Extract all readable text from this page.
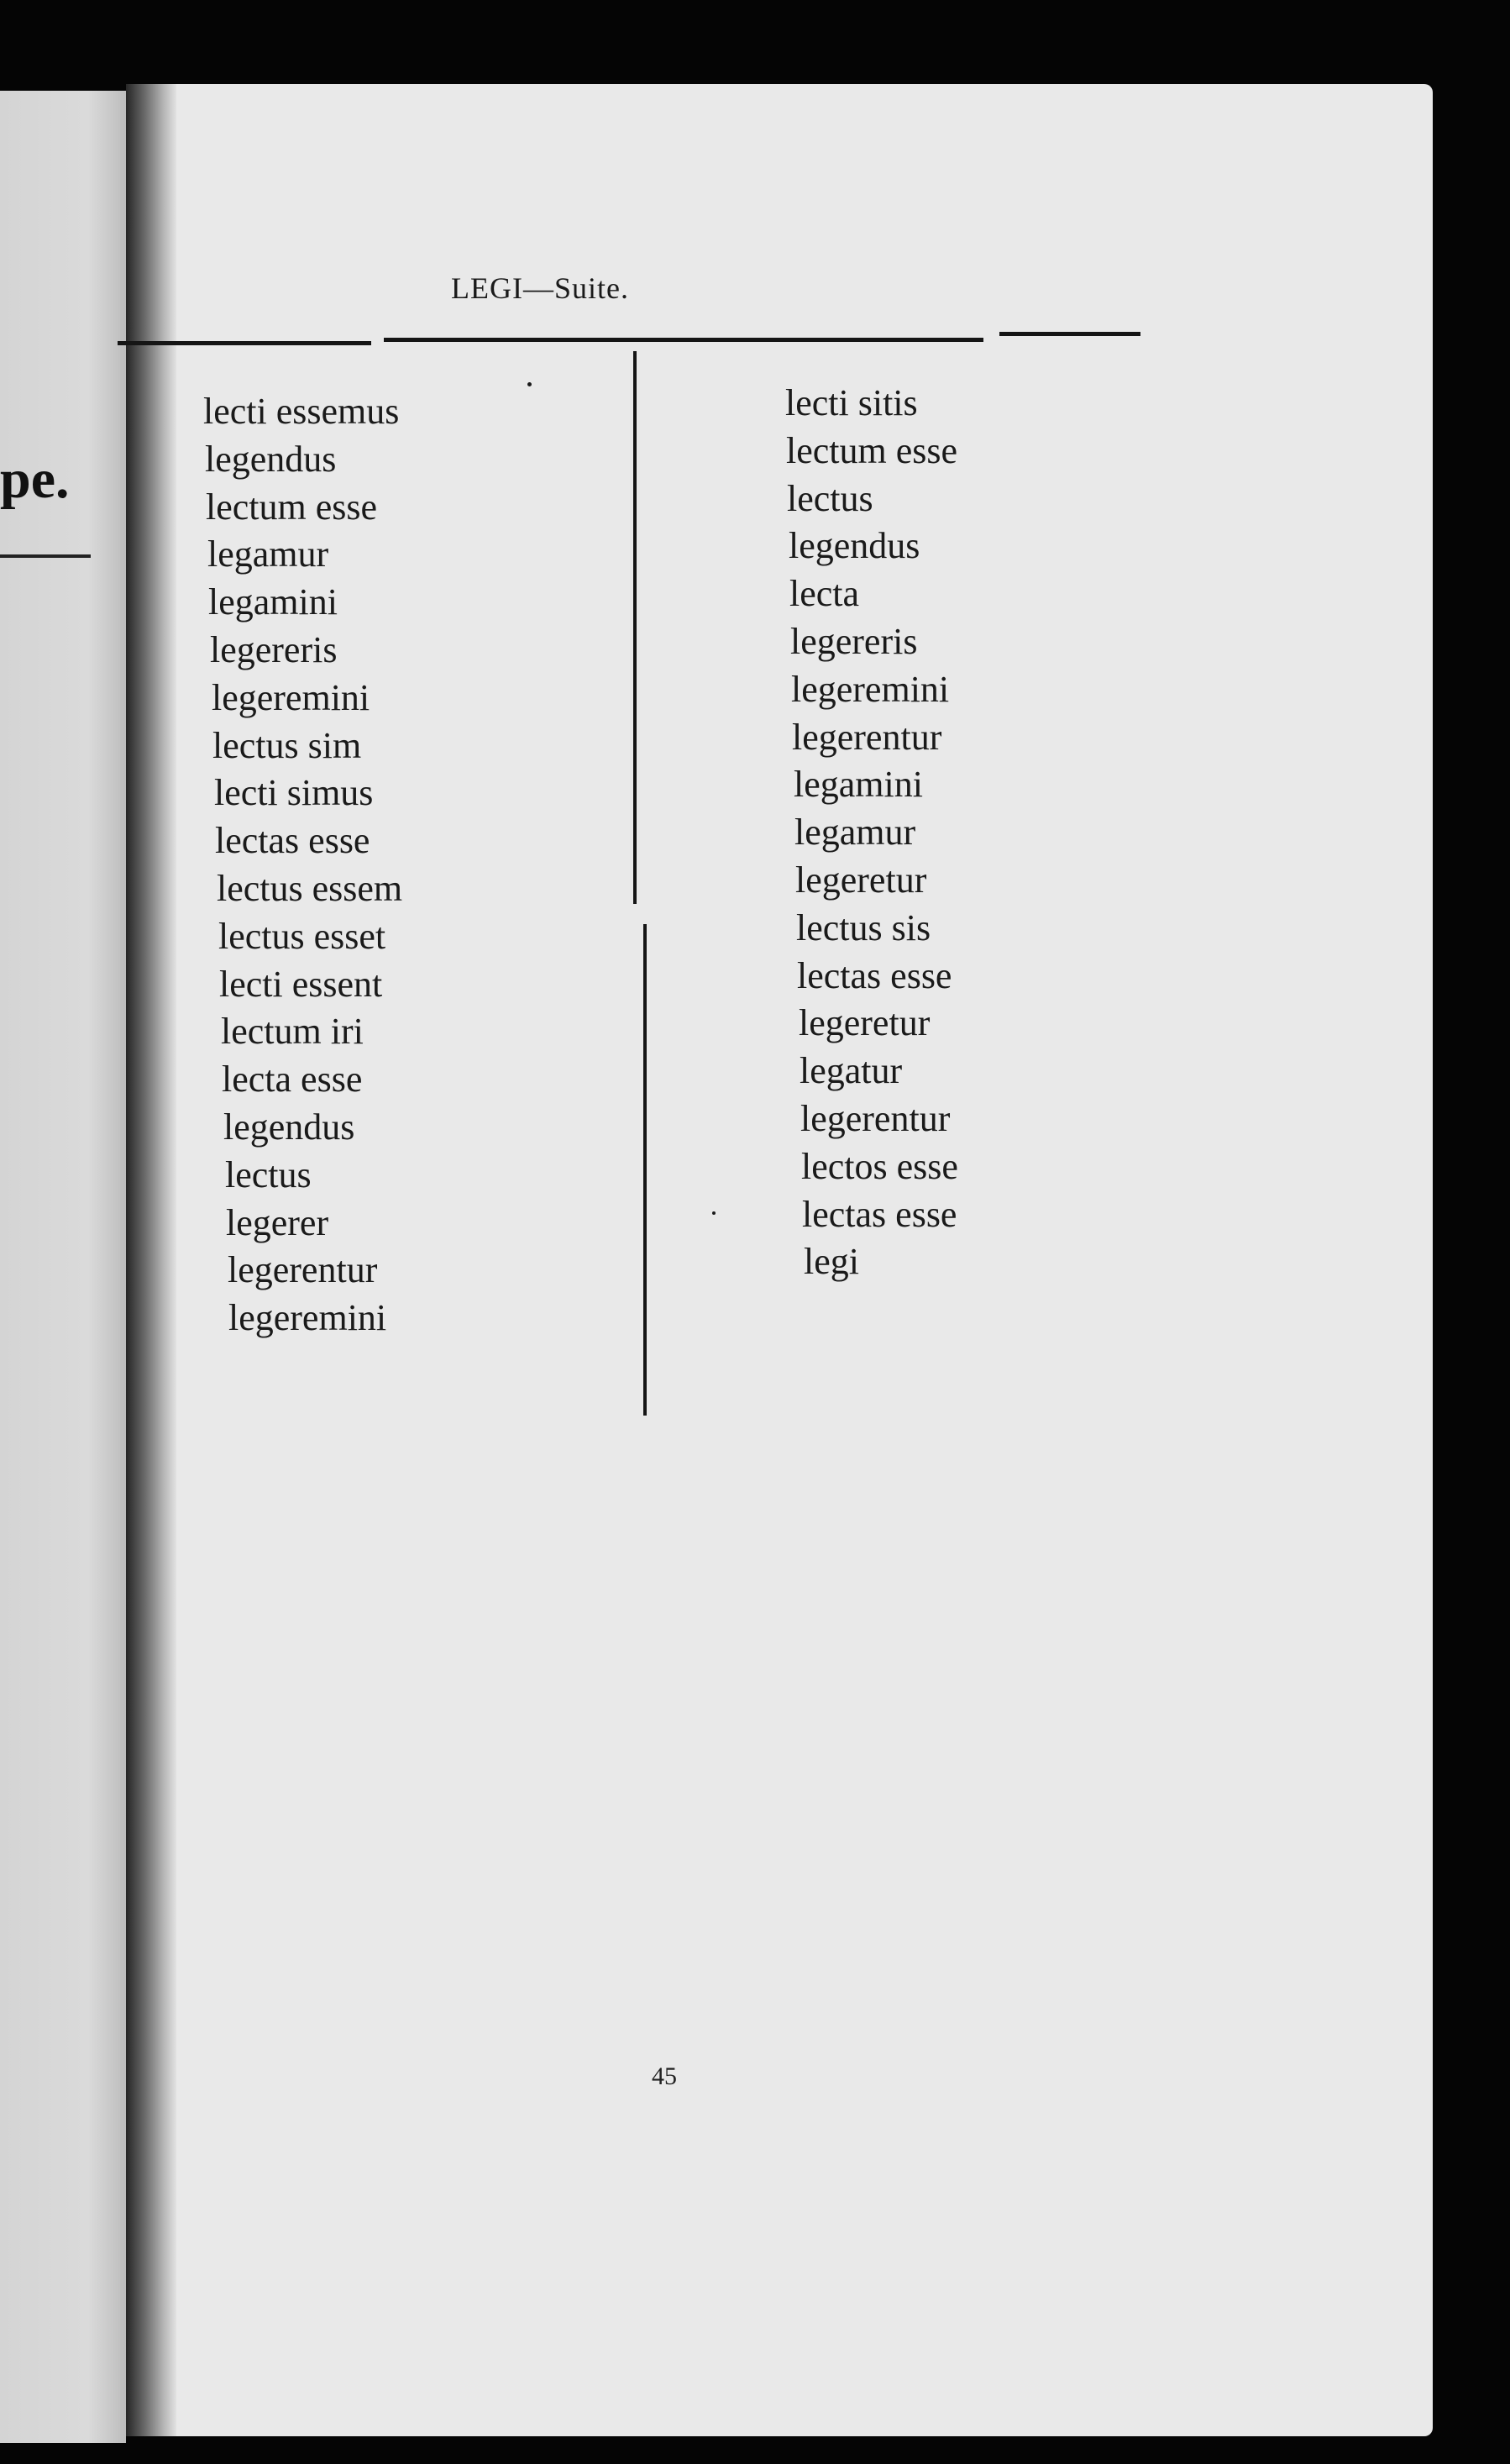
pe.
LEGI—Suite.
lecti essemus
legendus
lectum esse
legamur
legamini
legereris
legeremini
lectus sim
lecti simus
lectas esse
lectus essem
lectus esset
lecti essent
lectum iri
lecta esse
legendus
lectus
legerer
legerentur
legeremini
lecti sitis
lectum esse
lectus
legendus
lecta
legereris
legeremini
legerentur
legamini
legamur
legeretur
lectus sis
lectas esse
legeretur
legatur
legerentur
lectos esse
lectas esse
legi
45
